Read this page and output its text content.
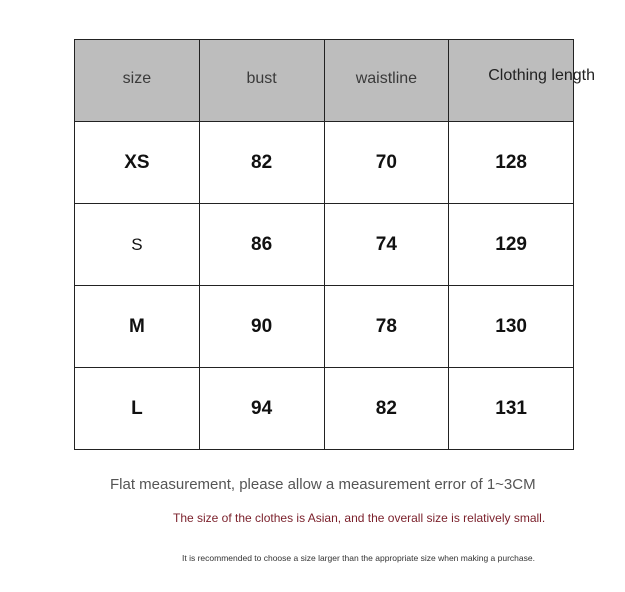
size	bust	waistline	Clothing length

XS	82	70	128
S	86	74	129
M	90	78	130
L	94	82	131
Flat measurement, please allow a measurement error of 1~3CM
The size of the clothes is Asian, and the overall size is relatively small.
It is recommended to choose a size larger than the appropriate size when making a purchase.
